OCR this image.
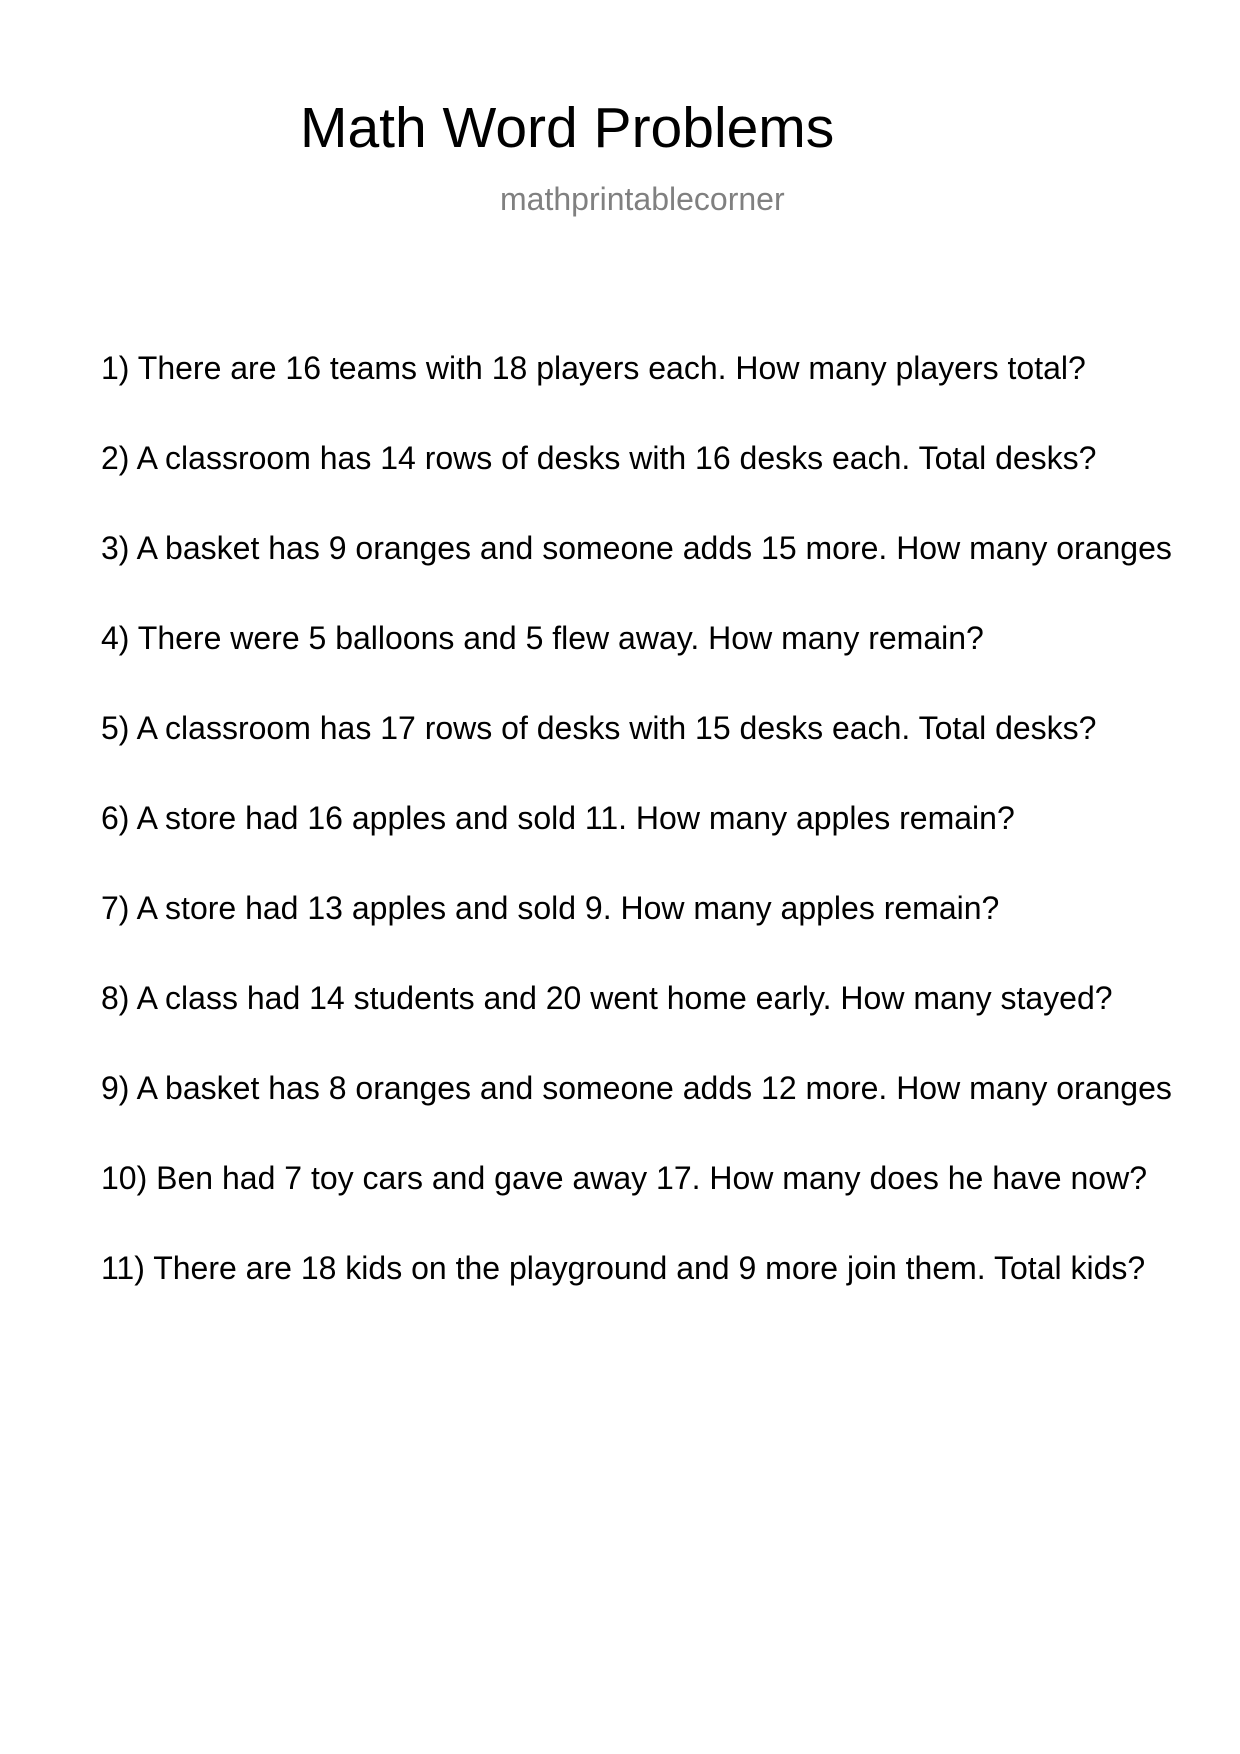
Math Word Problems
mathprintablecorner
1) There are 16 teams with 18 players each. How many players total?
2) A classroom has 14 rows of desks with 16 desks each. Total desks?
3) A basket has 9 oranges and someone adds 15 more. How many oranges
4) There were 5 balloons and 5 flew away. How many remain?
5) A classroom has 17 rows of desks with 15 desks each. Total desks?
6) A store had 16 apples and sold 11. How many apples remain?
7) A store had 13 apples and sold 9. How many apples remain?
8) A class had 14 students and 20 went home early. How many stayed?
9) A basket has 8 oranges and someone adds 12 more. How many oranges
10) Ben had 7 toy cars and gave away 17. How many does he have now?
11) There are 18 kids on the playground and 9 more join them. Total kids?
